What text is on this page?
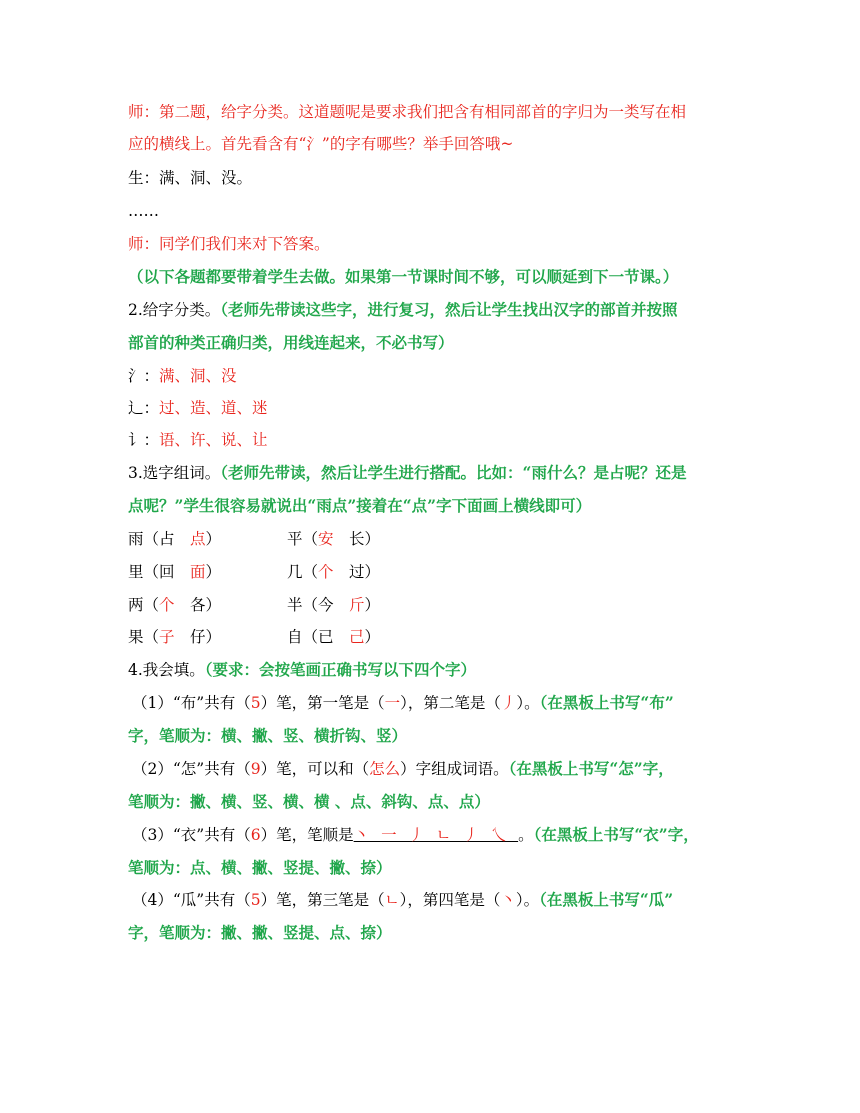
师：第二题，给字分类。这道题呢是要求我们把含有相同部首的字归为一类写在相
应的横线上。首先看含有“氵”的字有哪些？举手回答哦~
生：满、洞、没。
……
师：同学们我们来对下答案。
（以下各题都要带着学生去做。如果第一节课时间不够，可以顺延到下一节课。）
2.给字分类。（老师先带读这些字，进行复习，然后让学生找出汉字的部首并按照
部首的种类正确归类，用线连起来，不必书写）
氵：满、洞、没
辶：过、造、道、迷
讠：语、许、说、让
3.选字组词。（老师先带读，然后让学生进行搭配。比如：“雨什么？是占呢？还是
点呢？”学生很容易就说出“雨点”接着在“点”字下面画上横线即可）
雨（占　点）	平（安　长）
里（回　面）	几（个　过）
两（个　各）	半（今　斤）
果（子　仔）	自（已　己）
4.我会填。（要求：会按笔画正确书写以下四个字）
（1）“布”共有（5）笔，第一笔是（一），第二笔是（丿）。（在黑板上书写“布”
字，笔顺为：横、撇、竖、横折钩、竖）
（2）“怎”共有（9）笔，可以和（怎么）字组成词语。（在黑板上书写“怎”字，
笔顺为：撇、横、竖、横、横 、点、斜钩、点、点）
（3）“衣”共有（6）笔，笔顺是丶一丿ㄴ丿乀。（在黑板上书写“衣”字，
笔顺为：点、横、撇、竖提、撇、捺）
（4）“瓜”共有（5）笔，第三笔是（ㄴ），第四笔是（丶）。（在黑板上书写“瓜”
字，笔顺为：撇、撇、竖提、点、捺）
